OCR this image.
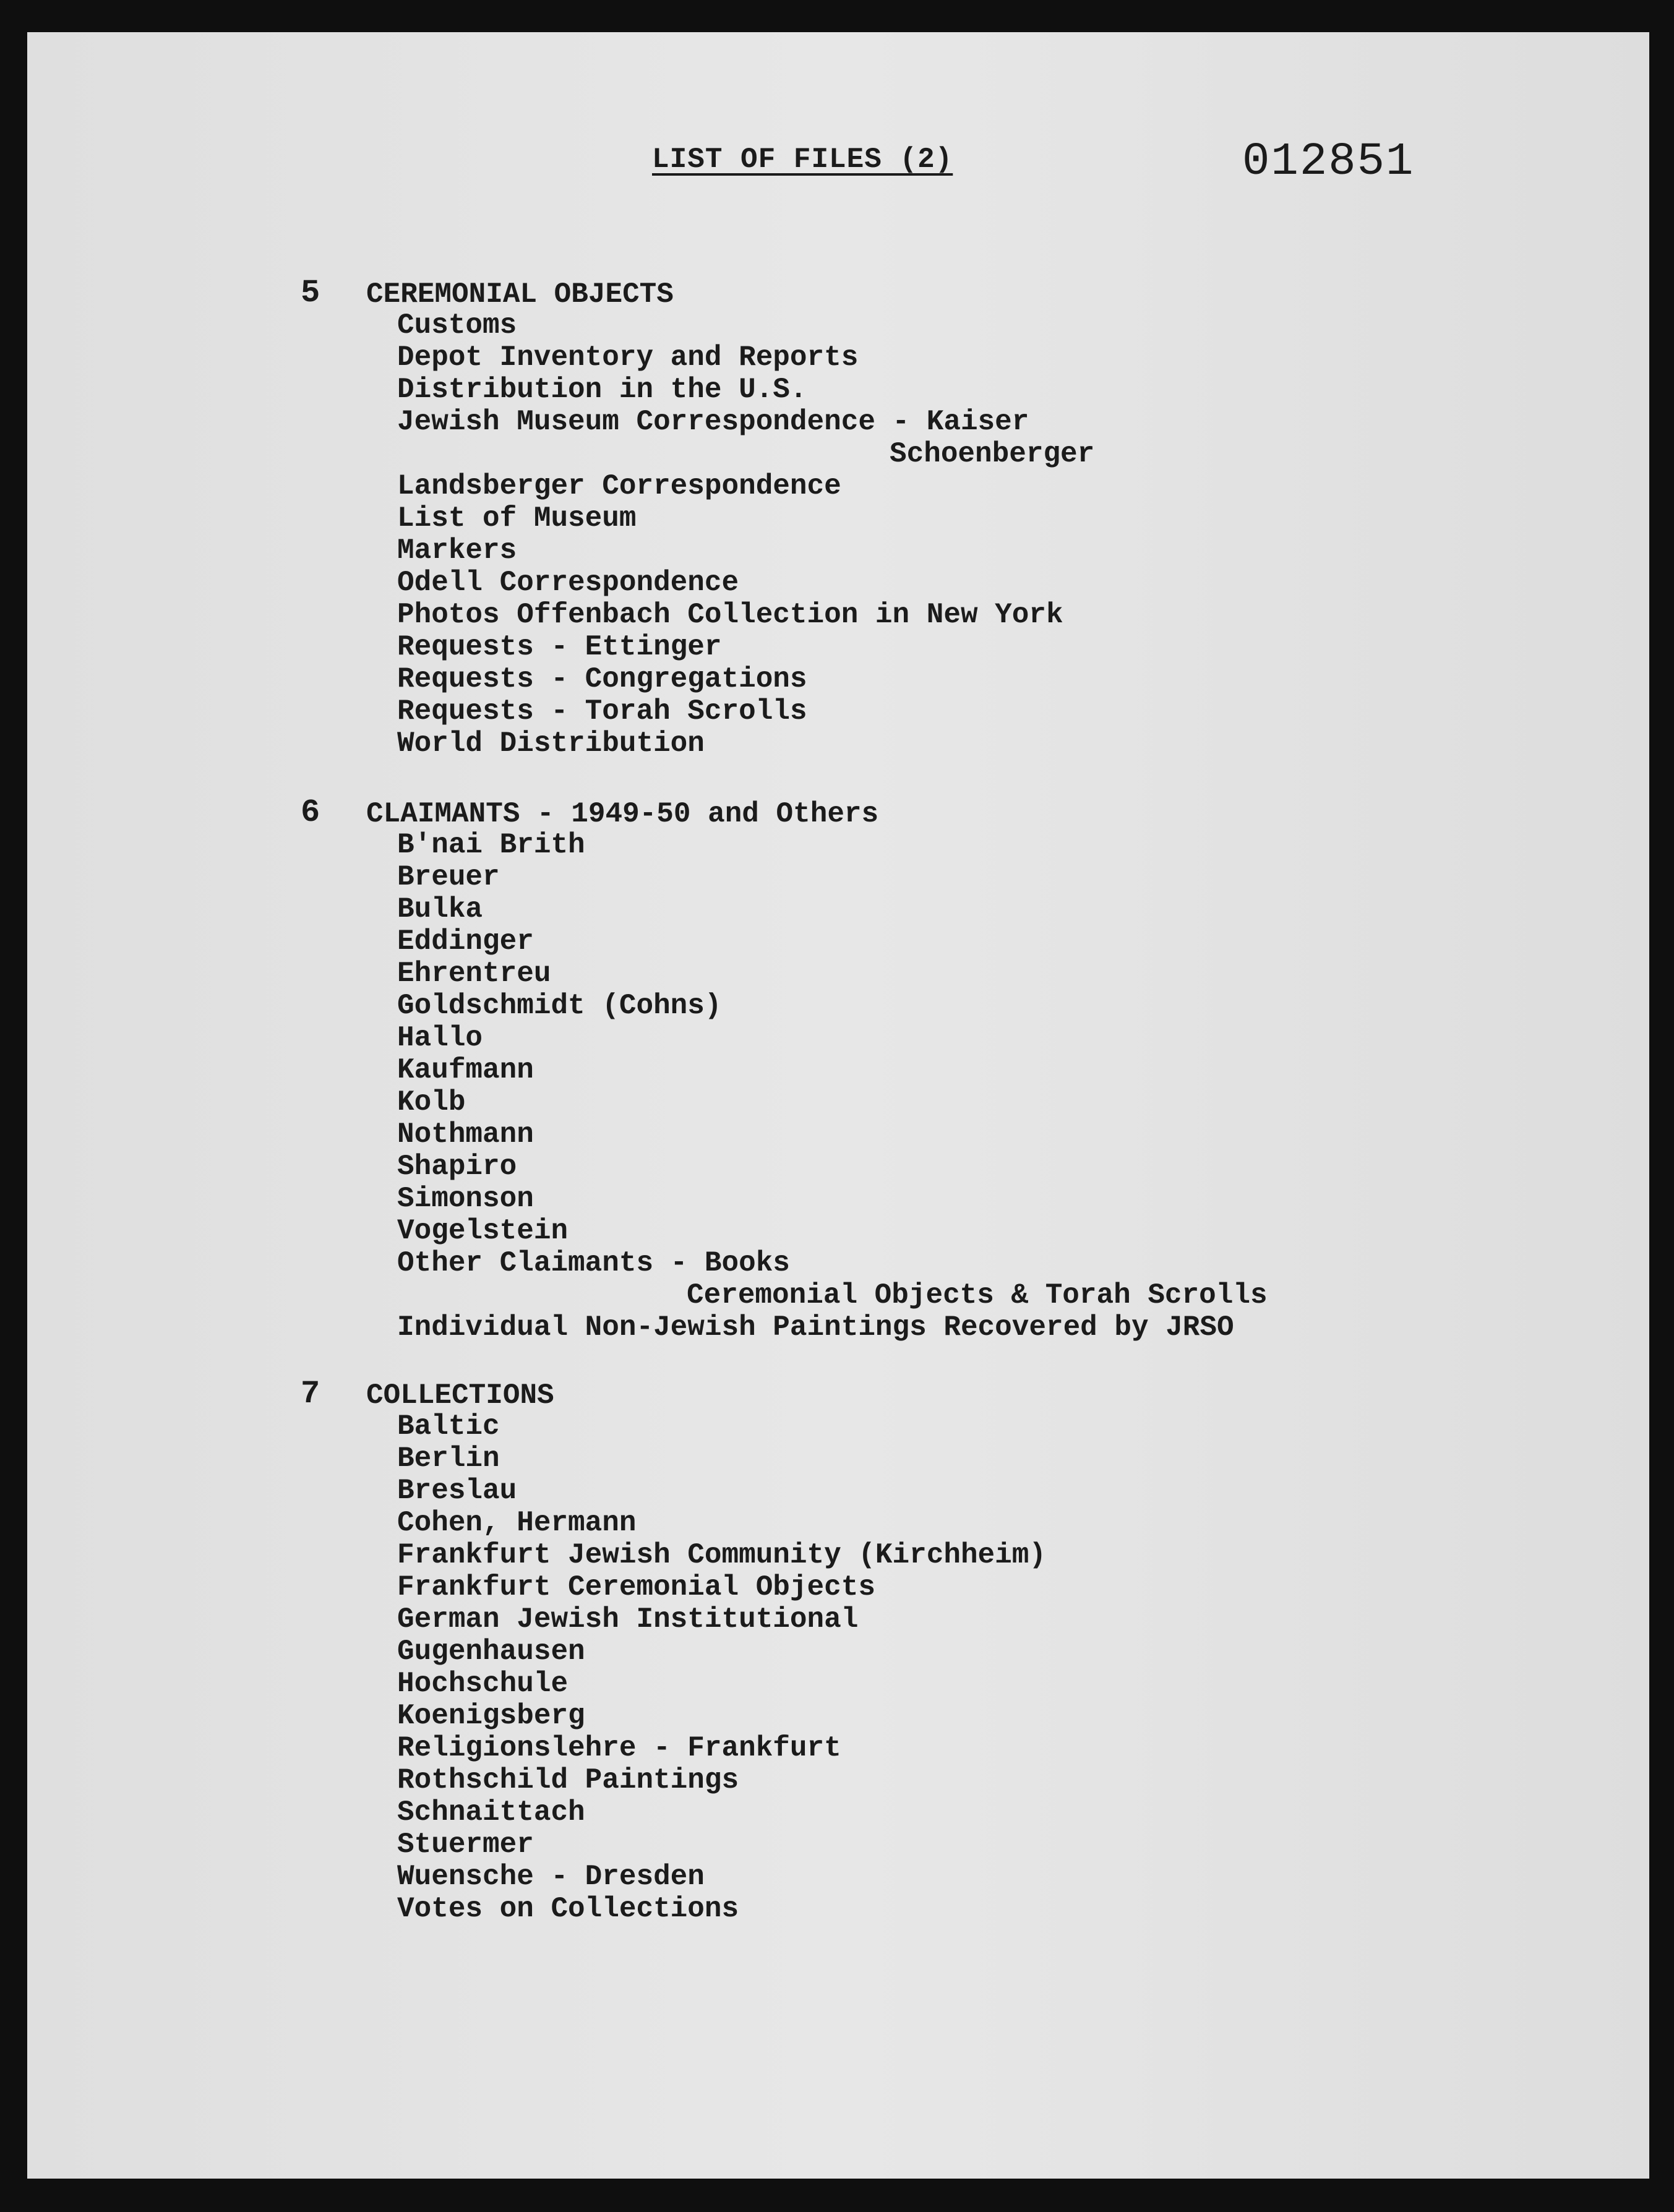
LIST OF FILES (2)	012851
5 CEREMONIAL OBJECTS
Customs
Depot Inventory and Reports
Distribution in the U.S.
Jewish Museum Correspondence - Kaiser
Schoenberger
Landsberger Correspondence
List of Museum
Markers
Odell Correspondence
Photos Offenbach Collection in New York
Requests - Ettinger
Requests - Congregations
Requests - Torah Scrolls
World Distribution
6 CLAIMANTS - 1949-50 and Others
B'nai Brith
Breuer
Bulka
Eddinger
Ehrentreu
Goldschmidt (Cohns)
Hallo
Kaufmann
Kolb
Nothmann
Shapiro
Simonson
Vogelstein
Other Claimants - Books
Ceremonial Objects & Torah Scrolls
Individual Non-Jewish Paintings Recovered by JRSO
7 COLLECTIONS
Baltic
Berlin
Breslau
Cohen, Hermann
Frankfurt Jewish Community (Kirchheim)
Frankfurt Ceremonial Objects
German Jewish Institutional
Gugenhausen
Hochschule
Koenigsberg
Religionslehre - Frankfurt
Rothschild Paintings
Schnaittach
Stuermer
Wuensche - Dresden
Votes on Collections
